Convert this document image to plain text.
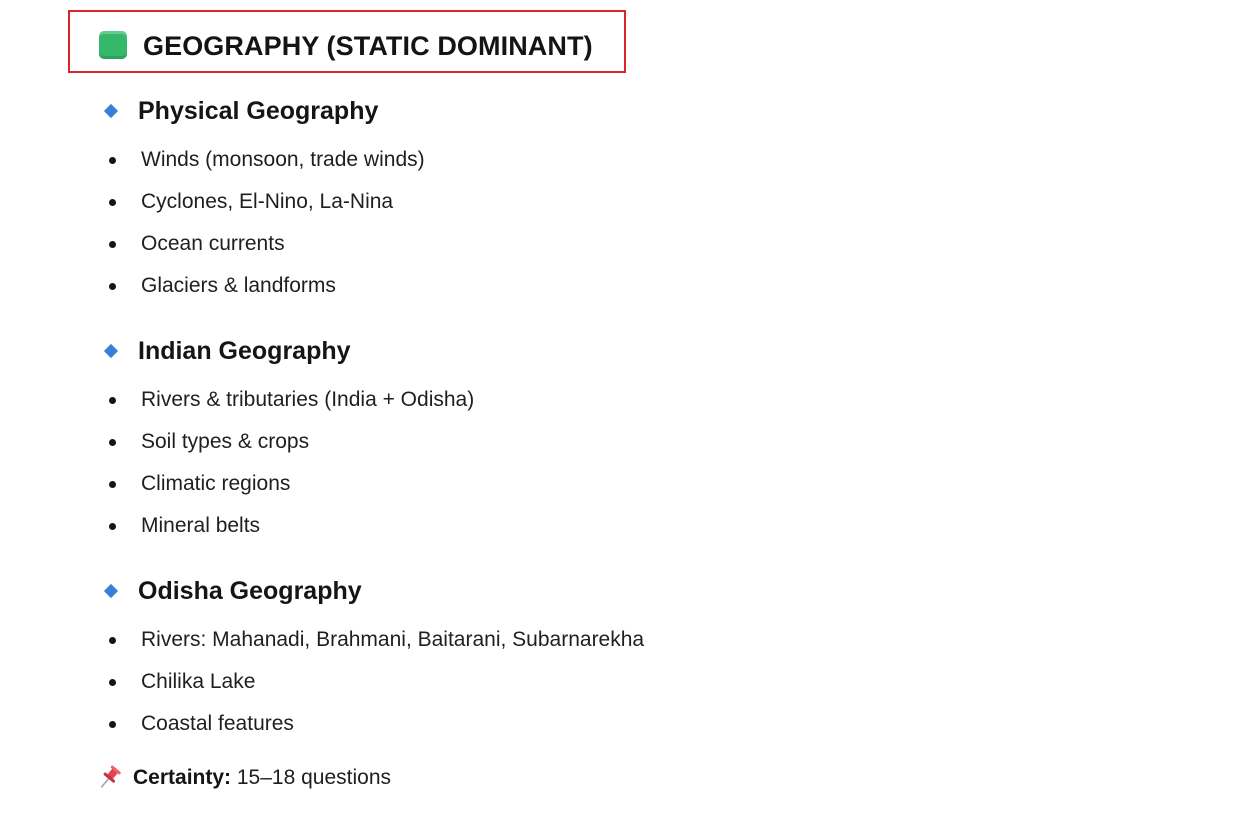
GEOGRAPHY (STATIC DOMINANT)
Physical Geography
Winds (monsoon, trade winds)
Cyclones, El-Nino, La-Nina
Ocean currents
Glaciers & landforms
Indian Geography
Rivers & tributaries (India + Odisha)
Soil types & crops
Climatic regions
Mineral belts
Odisha Geography
Rivers: Mahanadi, Brahmani, Baitarani, Subarnarekha
Chilika Lake
Coastal features
Certainty: 15–18 questions
